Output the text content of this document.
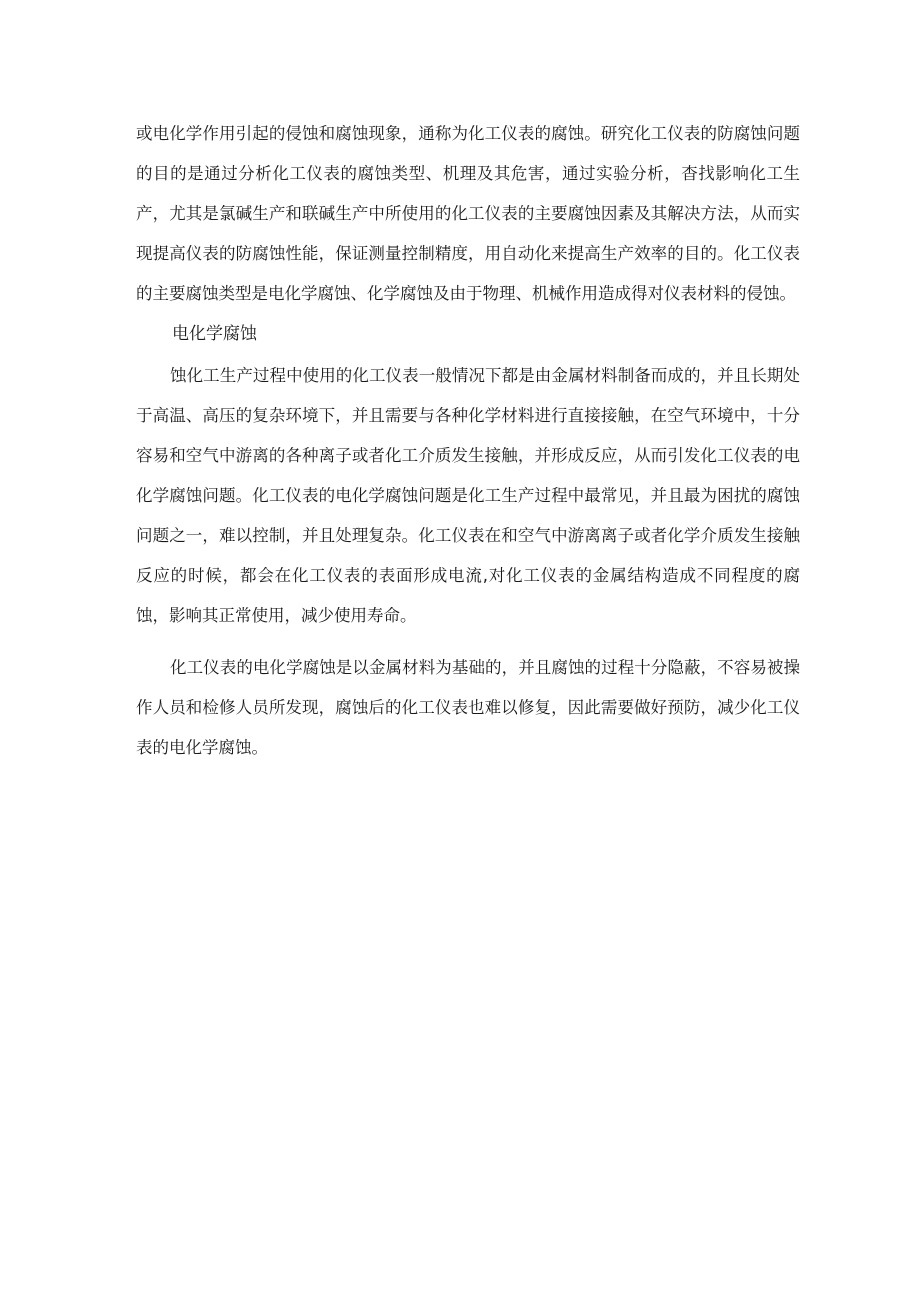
或电化学作用引起的侵蚀和腐蚀现象，通称为化工仪表的腐蚀。研究化工仪表的防腐蚀问题的目的是通过分析化工仪表的腐蚀类型、机理及其危害，通过实验分析，杳找影响化工生产，尤其是氯碱生产和联碱生产中所使用的化工仪表的主要腐蚀因素及其解决方法，从而实现提高仪表的防腐蚀性能，保证测量控制精度，用自动化来提高生产效率的目的。化工仪表的主要腐蚀类型是电化学腐蚀、化学腐蚀及由于物理、机械作用造成得对仪表材料的侵蚀。

电化学腐蚀

蚀化工生产过程中使用的化工仪表一般情况下都是由金属材料制备而成的，并且长期处于高温、高压的复杂环境下，并且需要与各种化学材料进行直接接触，在空气环境中，十分容易和空气中游离的各种离子或者化工介质发生接触，并形成反应，从而引发化工仪表的电化学腐蚀问题。化工仪表的电化学腐蚀问题是化工生产过程中最常见，并且最为困扰的腐蚀问题之一，难以控制，并且处理复杂。化工仪表在和空气中游离离子或者化学介质发生接触反应的时候，都会在化工仪表的表面形成电流,对化工仪表的金属结构造成不同程度的腐蚀，影响其正常使用，减少使用寿命。

化工仪表的电化学腐蚀是以金属材料为基础的，并且腐蚀的过程十分隐蔽，不容易被操作人员和检修人员所发现，腐蚀后的化工仪表也难以修复，因此需要做好预防，减少化工仪表的电化学腐蚀。
